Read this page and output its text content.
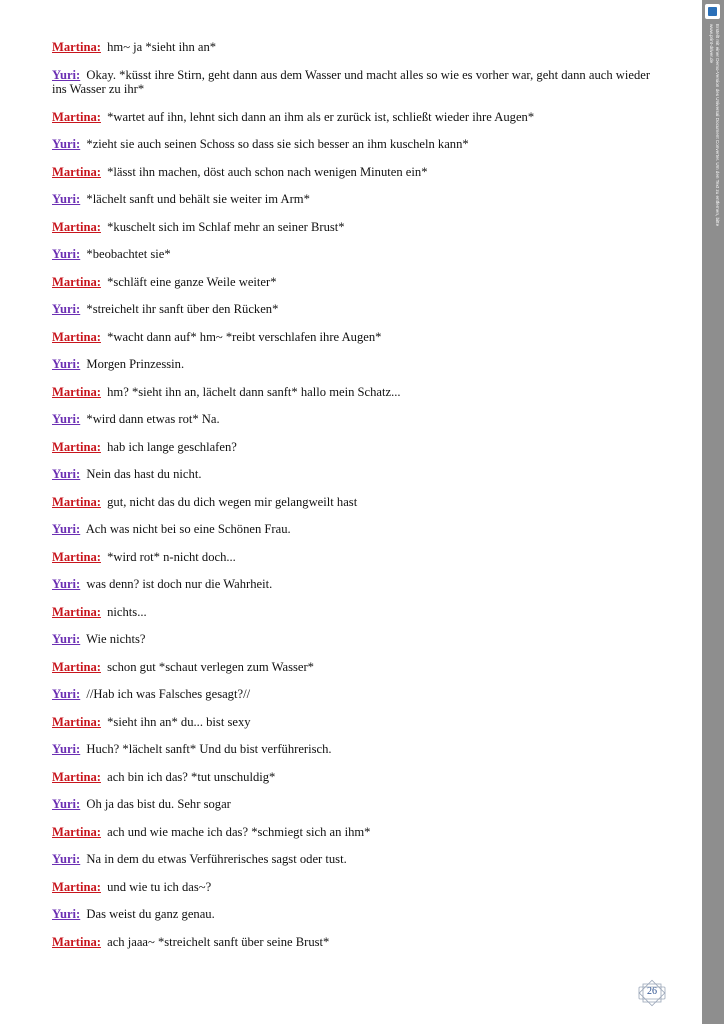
Martina: hm~ ja *sieht ihn an*
Yuri: Okay. *küsst ihre Stirn, geht dann aus dem Wasser und macht alles so wie es vorher war, geht dann auch wieder ins Wasser zu ihr*
Martina: *wartet auf ihn, lehnt sich dann an ihm als er zurück ist, schließt wieder ihre Augen*
Yuri: *zieht sie auch seinen Schoss so dass sie sich besser an ihm kuscheln kann*
Martina: *lässt ihn machen, döst auch schon nach wenigen Minuten ein*
Yuri: *lächelt sanft und behält sie weiter im Arm*
Martina: *kuschelt sich im Schlaf mehr an seiner Brust*
Yuri: *beobachtet sie*
Martina: *schläft eine ganze Weile weiter*
Yuri: *streichelt ihr sanft über den Rücken*
Martina: *wacht dann auf* hm~ *reibt verschlafen ihre Augen*
Yuri: Morgen Prinzessin.
Martina: hm? *sieht ihn an, lächelt dann sanft* hallo mein Schatz...
Yuri: *wird dann etwas rot* Na.
Martina: hab ich lange geschlafen?
Yuri: Nein das hast du nicht.
Martina: gut, nicht das du dich wegen mir gelangweilt hast
Yuri: Ach was nicht bei so eine Schönen Frau.
Martina: *wird rot* n-nicht doch...
Yuri: was denn? ist doch nur die Wahrheit.
Martina: nichts...
Yuri: Wie nichts?
Martina: schon gut *schaut verlegen zum Wasser*
Yuri: //Hab ich was Falsches gesagt?//
Martina: *sieht ihn an* du... bist sexy
Yuri: Huch? *lächelt sanft* Und du bist verführerisch.
Martina: ach bin ich das? *tut unschuldig*
Yuri: Oh ja das bist du. Sehr sogar
Martina: ach und wie mache ich das? *schmiegt sich an ihm*
Yuri: Na in dem du etwas Verführerisches sagst oder tust.
Martina: und wie tu ich das~?
Yuri: Das weist du ganz genau.
Martina: ach jaaa~ *streichelt sanft über seine Brust*
26
Erstellt mit einer Demo-Version des Universal Document Converter. Um den Text zu entfernen, bitte
www.print-driver.de
